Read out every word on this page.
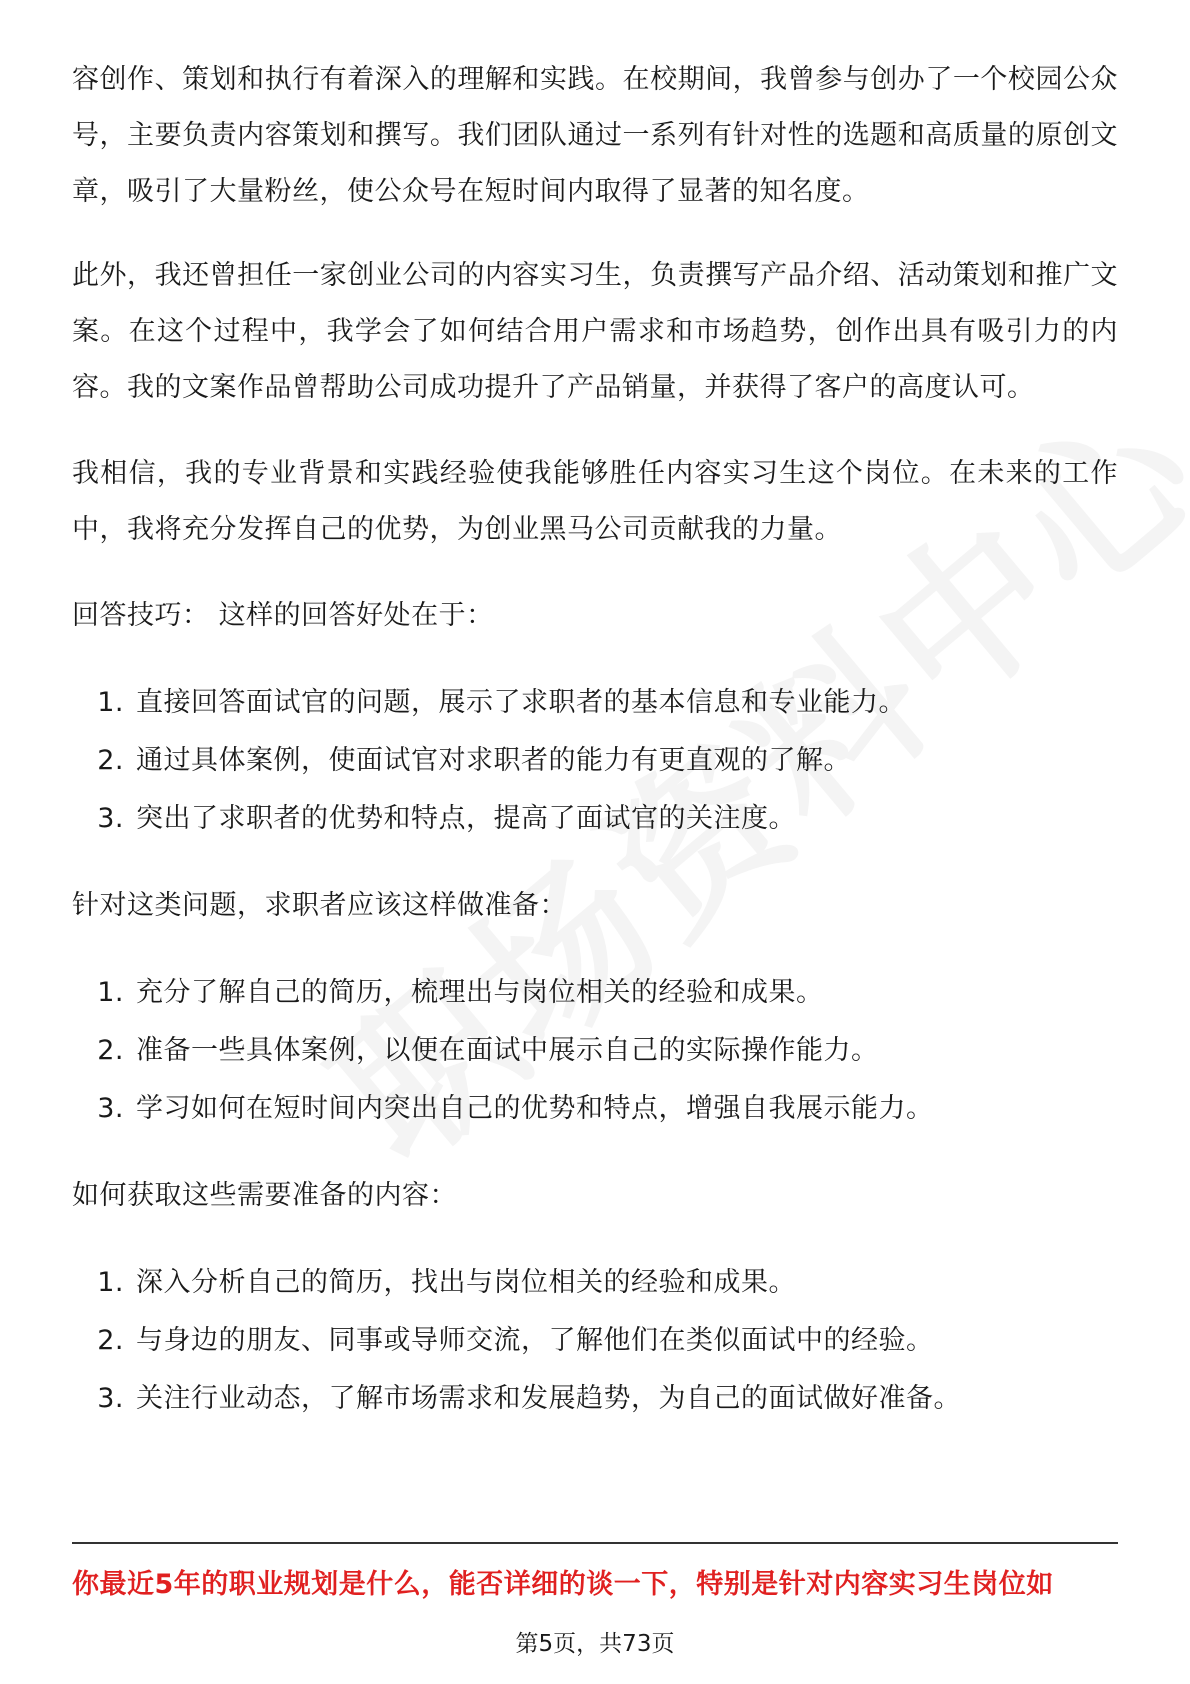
容创作、策划和执行有着深入的理解和实践。在校期间，我曾参与创办了一个校园公众号，主要负责内容策划和撰写。我们团队通过一系列有针对性的选题和高质量的原创文章，吸引了大量粉丝，使公众号在短时间内取得了显著的知名度。

此外，我还曾担任一家创业公司的内容实习生，负责撰写产品介绍、活动策划和推广文案。在这个过程中，我学会了如何结合用户需求和市场趋势，创作出具有吸引力的内容。我的文案作品曾帮助公司成功提升了产品销量，并获得了客户的高度认可。

我相信，我的专业背景和实践经验使我能够胜任内容实习生这个岗位。在未来的工作中，我将充分发挥自己的优势，为创业黑马公司贡献我的力量。

回答技巧： 这样的回答好处在于：

1. 直接回答面试官的问题，展示了求职者的基本信息和专业能力。
2. 通过具体案例，使面试官对求职者的能力有更直观的了解。
3. 突出了求职者的优势和特点，提高了面试官的关注度。

针对这类问题，求职者应该这样做准备：

1. 充分了解自己的简历，梳理出与岗位相关的经验和成果。
2. 准备一些具体案例，以便在面试中展示自己的实际操作能力。
3. 学习如何在短时间内突出自己的优势和特点，增强自我展示能力。

如何获取这些需要准备的内容：

1. 深入分析自己的简历，找出与岗位相关的经验和成果。
2. 与身边的朋友、同事或导师交流，了解他们在类似面试中的经验。
3. 关注行业动态，了解市场需求和发展趋势，为自己的面试做好准备。
你最近5年的职业规划是什么，能否详细的谈一下，特别是针对内容实习生岗位如
第5页，共73页
